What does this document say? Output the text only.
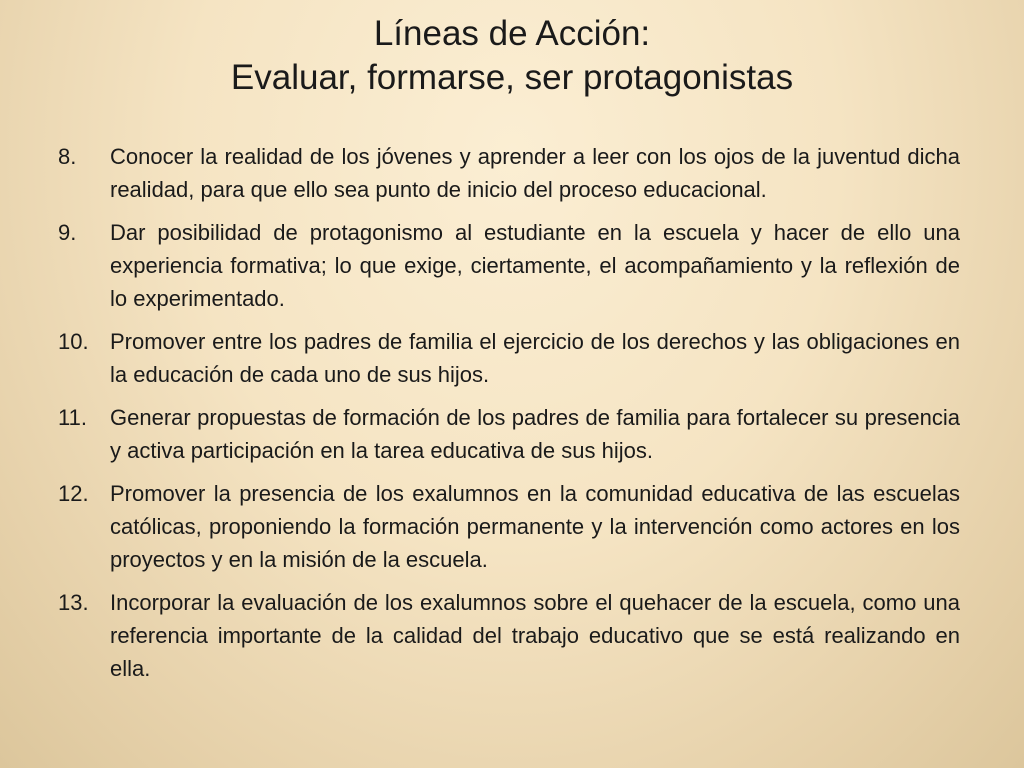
Líneas de Acción:
Evaluar, formarse, ser protagonistas
8.	Conocer la realidad de los jóvenes y aprender a leer con los ojos de la juventud dicha realidad, para que ello sea punto de inicio del proceso educacional.
9.	Dar posibilidad de protagonismo al estudiante en la escuela y hacer de ello una experiencia formativa; lo que exige, ciertamente, el acompañamiento y la reflexión de lo experimentado.
10. Promover entre los padres de familia el ejercicio de los derechos y las obligaciones en la educación de cada uno de sus hijos.
11.	Generar propuestas de formación de los padres de familia para fortalecer su presencia y activa participación en la tarea educativa de sus hijos.
12. Promover la presencia de los exalumnos en la comunidad educativa de las escuelas católicas, proponiendo la formación permanente y la intervención como actores en los proyectos y en la misión de la escuela.
13. Incorporar la evaluación de los exalumnos sobre el quehacer de la escuela, como una referencia importante de la calidad del trabajo educativo que se está realizando en ella.
